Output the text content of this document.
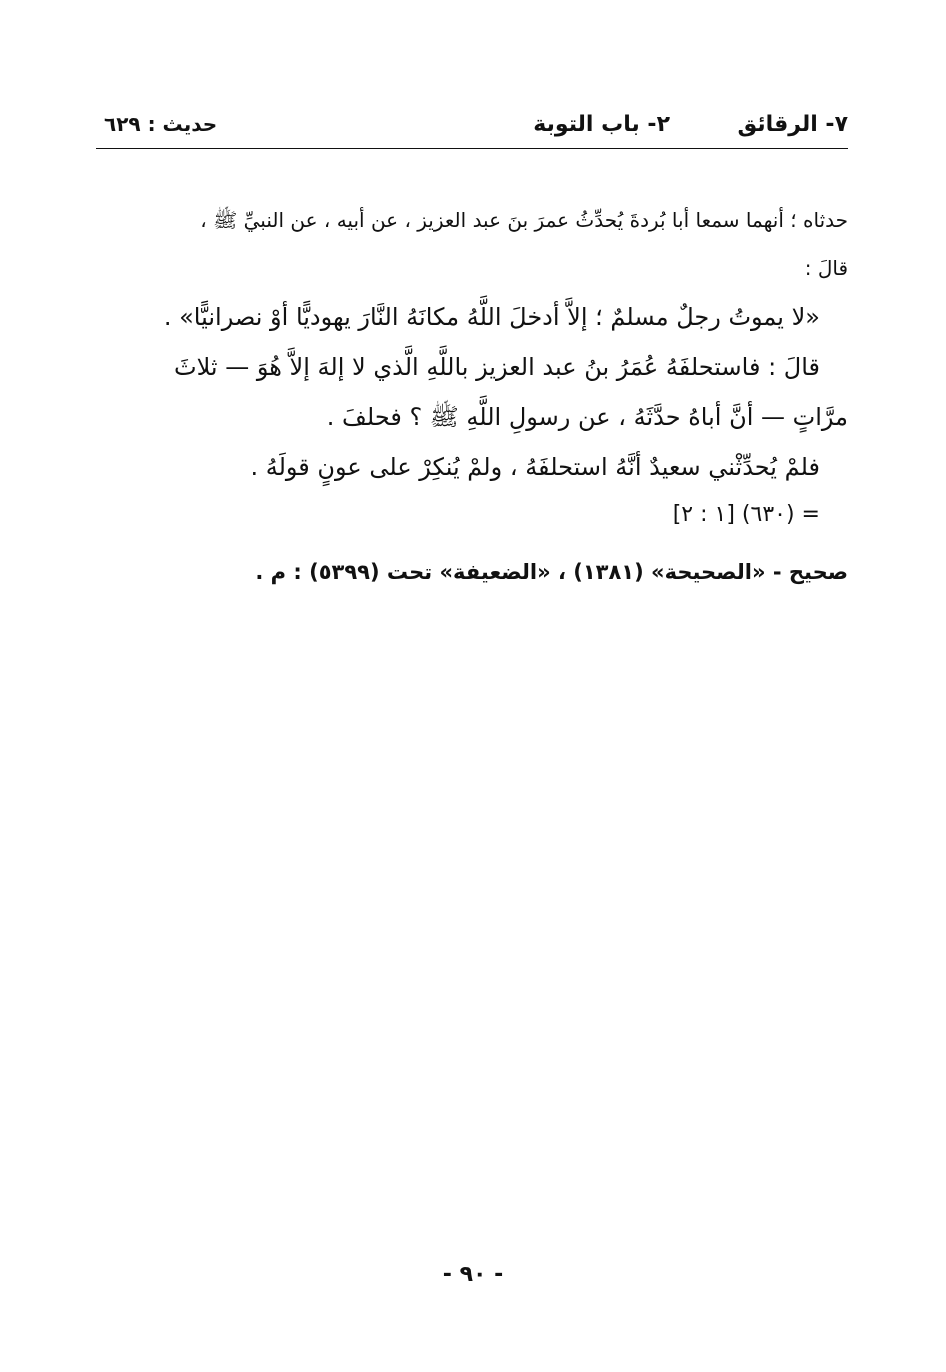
٧- الرقائق
٢- باب التوبة
حديث : ٦٢٩
حدثاه ؛ أنهما سمعا أبا بُردةَ يُحدِّثُ عمرَ بنَ عبد العزيز ، عن أبيه ، عن النبيِّ ﷺ ،
قالَ :
«لا يموتُ رجلٌ مسلمٌ ؛ إلاَّ أدخلَ اللَّهُ مكانَهُ النَّارَ يهوديًّا أوْ نصرانيًّا» .
قالَ : فاستحلفَهُ عُمَرُ بنُ عبد العزيز باللَّهِ الَّذي لا إلهَ إلاَّ هُوَ — ثلاثَ
مرَّاتٍ — أنَّ أباهُ حدَّثَهُ ، عن رسولِ اللَّهِ ﷺ ؟ فحلفَ .
فلمْ يُحدِّثْني سعيدٌ أنَّهُ استحلفَهُ ، ولمْ يُنكِرْ على عونٍ قولَهُ .
= (٦٣٠) [١ : ٢]
صحيح - «الصحيحة» (١٣٨١) ، «الضعيفة» تحت (٥٣٩٩) : م .
- ٩٠ -
